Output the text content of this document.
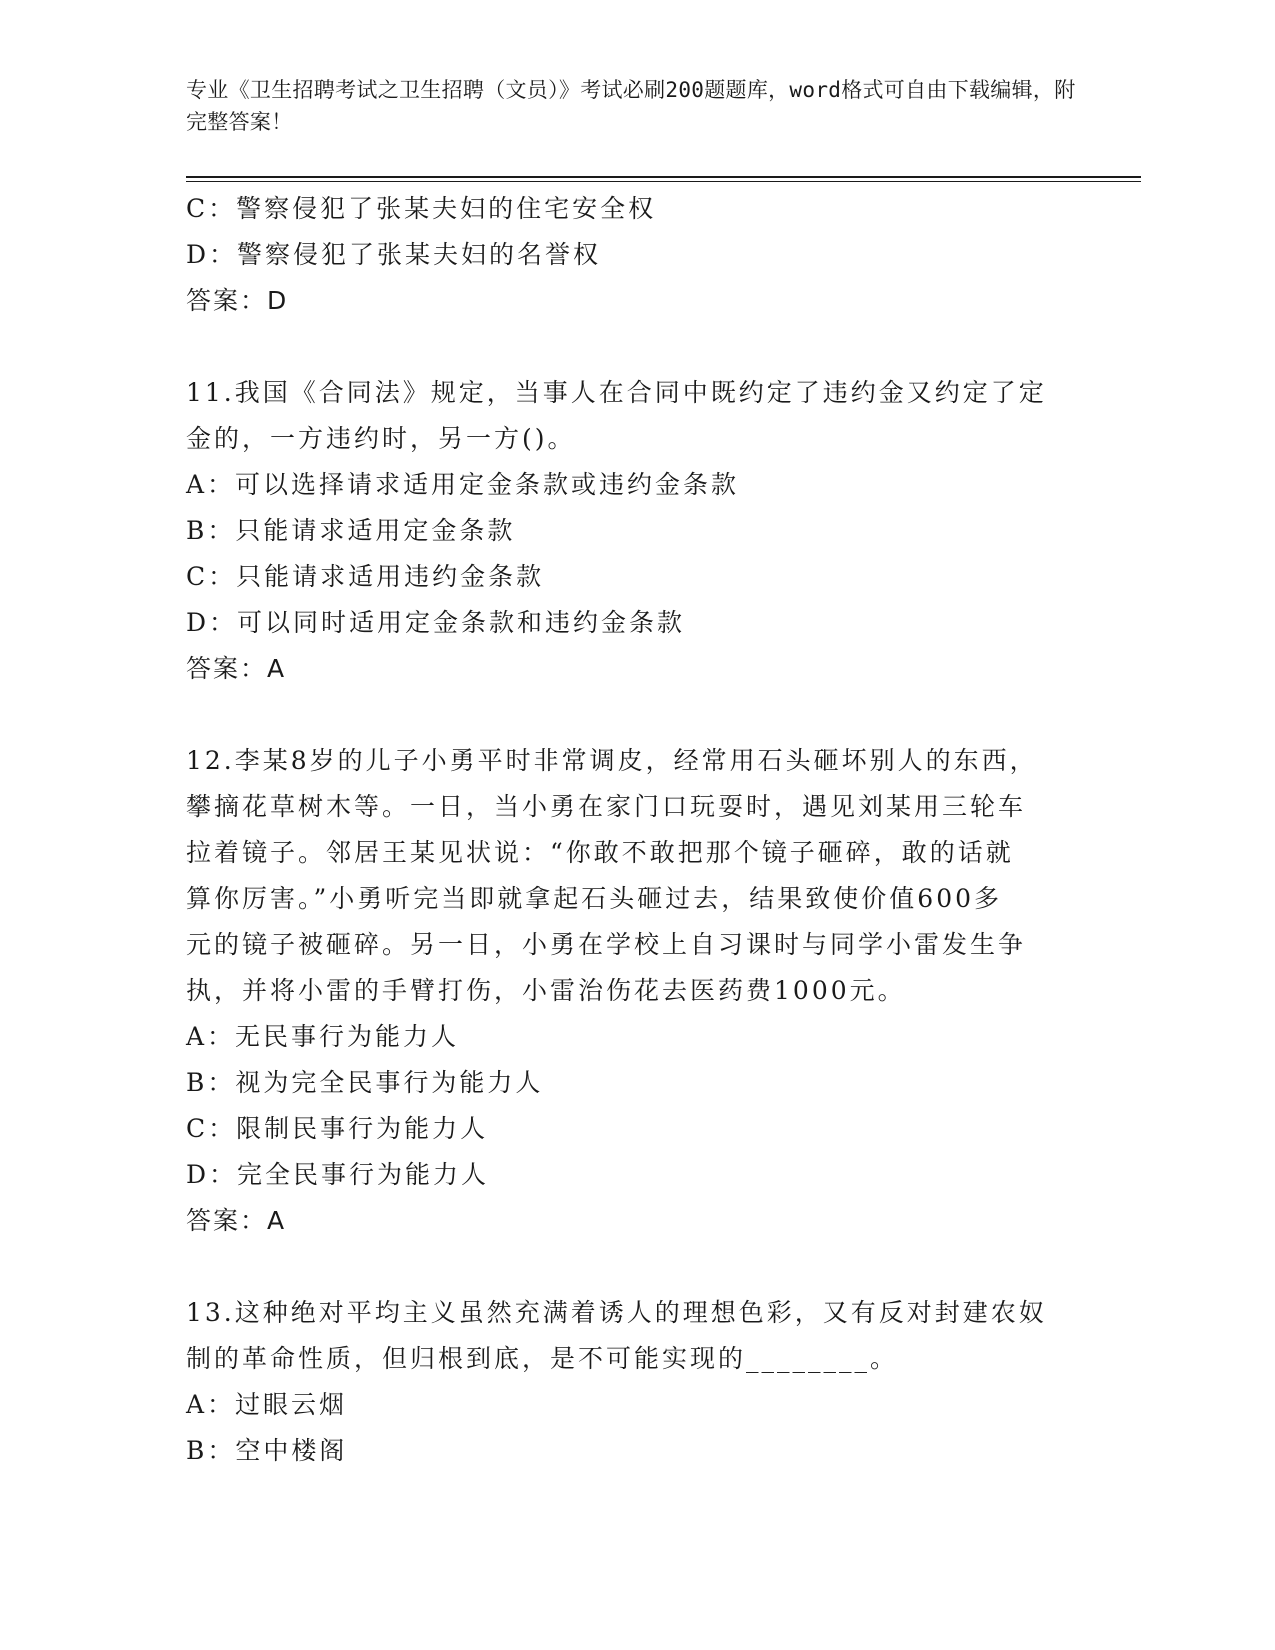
专业《卫生招聘考试之卫生招聘（文员）》考试必刷200题题库，word格式可自由下载编辑，附完整答案！
C：警察侵犯了张某夫妇的住宅安全权
D：警察侵犯了张某夫妇的名誉权
答案：D
11.我国《合同法》规定，当事人在合同中既约定了违约金又约定了定
金的，一方违约时，另一方()。
A：可以选择请求适用定金条款或违约金条款
B：只能请求适用定金条款
C：只能请求适用违约金条款
D：可以同时适用定金条款和违约金条款
答案：A
12.李某8岁的儿子小勇平时非常调皮，经常用石头砸坏别人的东西，
攀摘花草树木等。一日，当小勇在家门口玩耍时，遇见刘某用三轮车
拉着镜子。邻居王某见状说：“你敢不敢把那个镜子砸碎，敢的话就
算你厉害。”小勇听完当即就拿起石头砸过去，结果致使价值600多
元的镜子被砸碎。另一日，小勇在学校上自习课时与同学小雷发生争
执，并将小雷的手臂打伤，小雷治伤花去医药费1000元。
A：无民事行为能力人
B：视为完全民事行为能力人
C：限制民事行为能力人
D：完全民事行为能力人
答案：A
13.这种绝对平均主义虽然充满着诱人的理想色彩，又有反对封建农奴
制的革命性质，但归根到底，是不可能实现的________。
A：过眼云烟
B：空中楼阁
